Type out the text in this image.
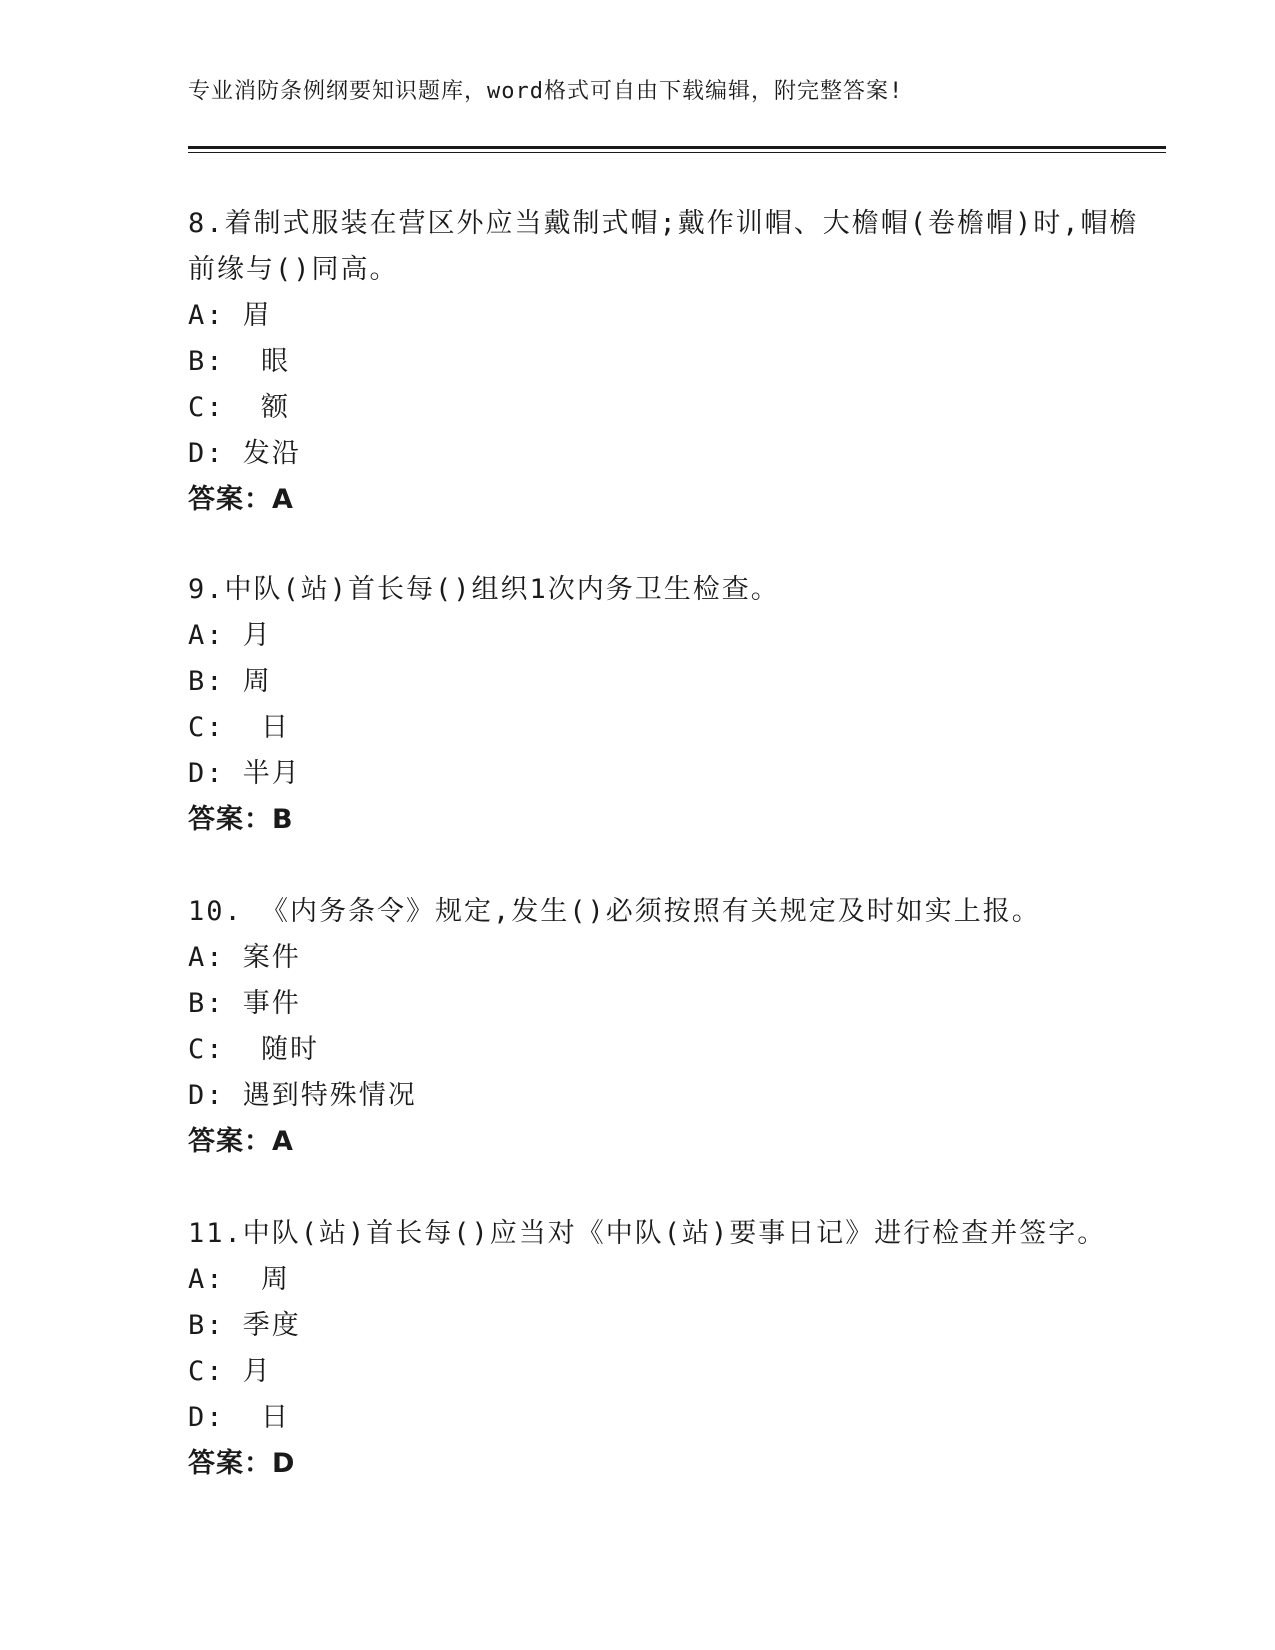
专业消防条例纲要知识题库，word格式可自由下载编辑，附完整答案!
8.着制式服装在营区外应当戴制式帽;戴作训帽、大檐帽(卷檐帽)时,帽檐前缘与()同高。
A: 眉
B:  眼
C:  额
D: 发沿
答案：A
9.中队(站)首长每()组织1次内务卫生检查。
A: 月
B: 周
C:  日
D: 半月
答案：B
10. 《内务条令》规定,发生()必须按照有关规定及时如实上报。
A: 案件
B: 事件
C:  随时
D: 遇到特殊情况
答案：A
11.中队(站)首长每()应当对《中队(站)要事日记》进行检查并签字。
A:  周
B: 季度
C: 月
D:  日
答案：D
